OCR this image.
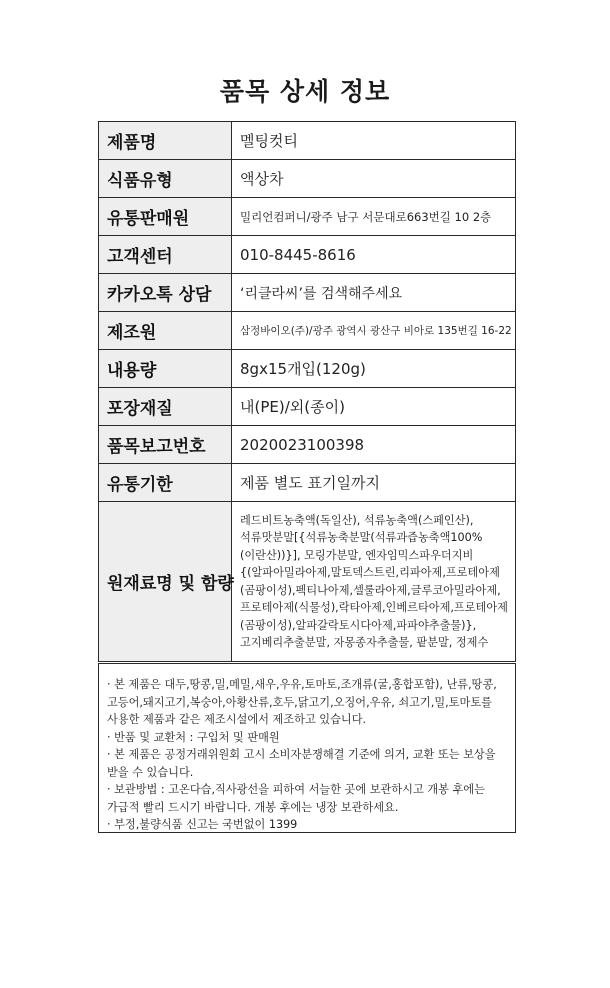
품목 상세 정보
제품명	멜팅컷티
식품유형	액상차
유통판매원	밀리언컴퍼니/광주 남구 서문대로663번길 10 2층
고객센터	010-8445-8616
카카오톡 상담	‘리클라씨’를 검색해주세요
제조원	삼정바이오(주)/광주 광역시 광산구 비아로 135번길 16-22
내용량	8gx15개입(120g)
포장재질	내(PE)/외(종이)
품목보고번호	2020023100398
유통기한	제품 별도 표기일까지
원재료명 및 함량	레드비트농축액(독일산), 석류농축액(스페인산), 석류맛분말[{석류농축분말(석류과즙농축액100%(이란산))}], 모링가분말, 엔자임믹스파우더지비{(알파아밀라아제,말토덱스트린,리파아제,프로테아제(곰팡이성),펙티나아제,셀룰라아제,글루코아밀라아제,프로테아제(식물성),락타아제,인베르타아제,프로테아제(곰팡이성),알파갈락토시다아제,파파야추출물)}, 고지베리추출분말, 자몽종자추출물, 팥분말, 정제수

· 본 제품은 대두,땅콩,밀,메밀,새우,우유,토마토,조개류(굴,홍합포함), 난류,땅콩,고등어,돼지고기,복숭아,아황산류,호두,닭고기,오징어,우유, 쇠고기,밀,토마토를 사용한 제품과 같은 제조시설에서 제조하고 있습니다.

· 반품 및 교환처 : 구입처 및 판매원

· 본 제품은 공정거래위원회 고시 소비자분쟁해결 기준에 의거, 교환 또는 보상을 받을 수 있습니다.

· 보관방법 : 고온다습,직사광선을 피하여 서늘한 곳에 보관하시고 개봉 후에는 가급적 빨리 드시기 바랍니다. 개봉 후에는 냉장 보관하세요.

· 부정,불량식품 신고는 국번없이 1399
